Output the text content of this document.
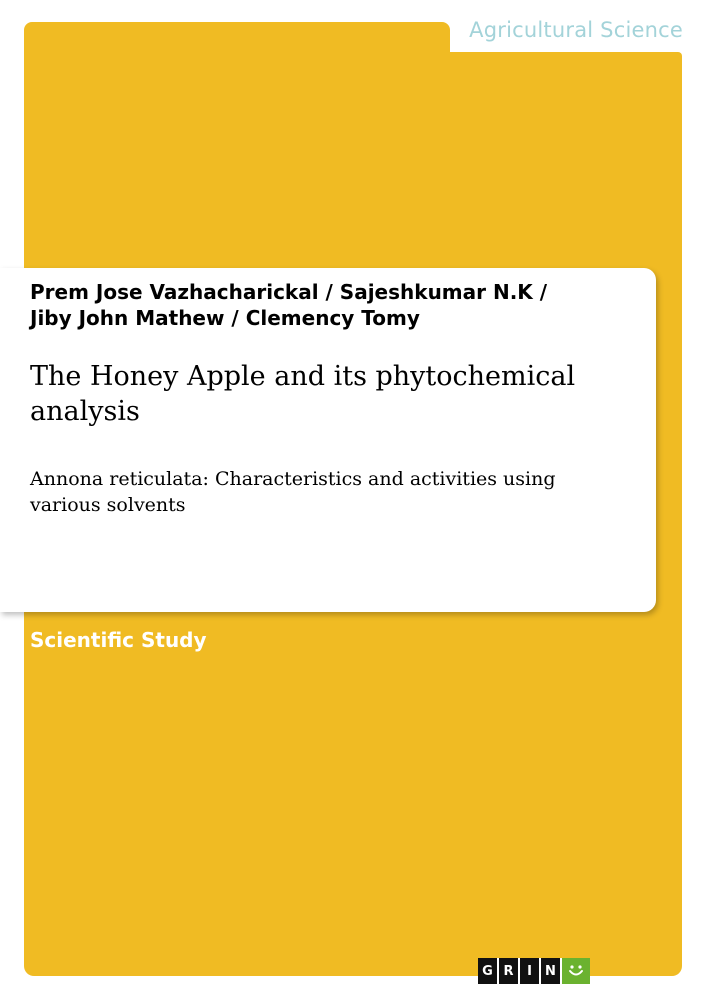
Agricultural Science
Prem Jose Vazhacharickal / Sajeshkumar N.K /
Jiby John Mathew / Clemency Tomy
The Honey Apple and its phytochemical analysis
Annona reticulata: Characteristics and activities using various solvents
Scientific Study
G R	I	N
